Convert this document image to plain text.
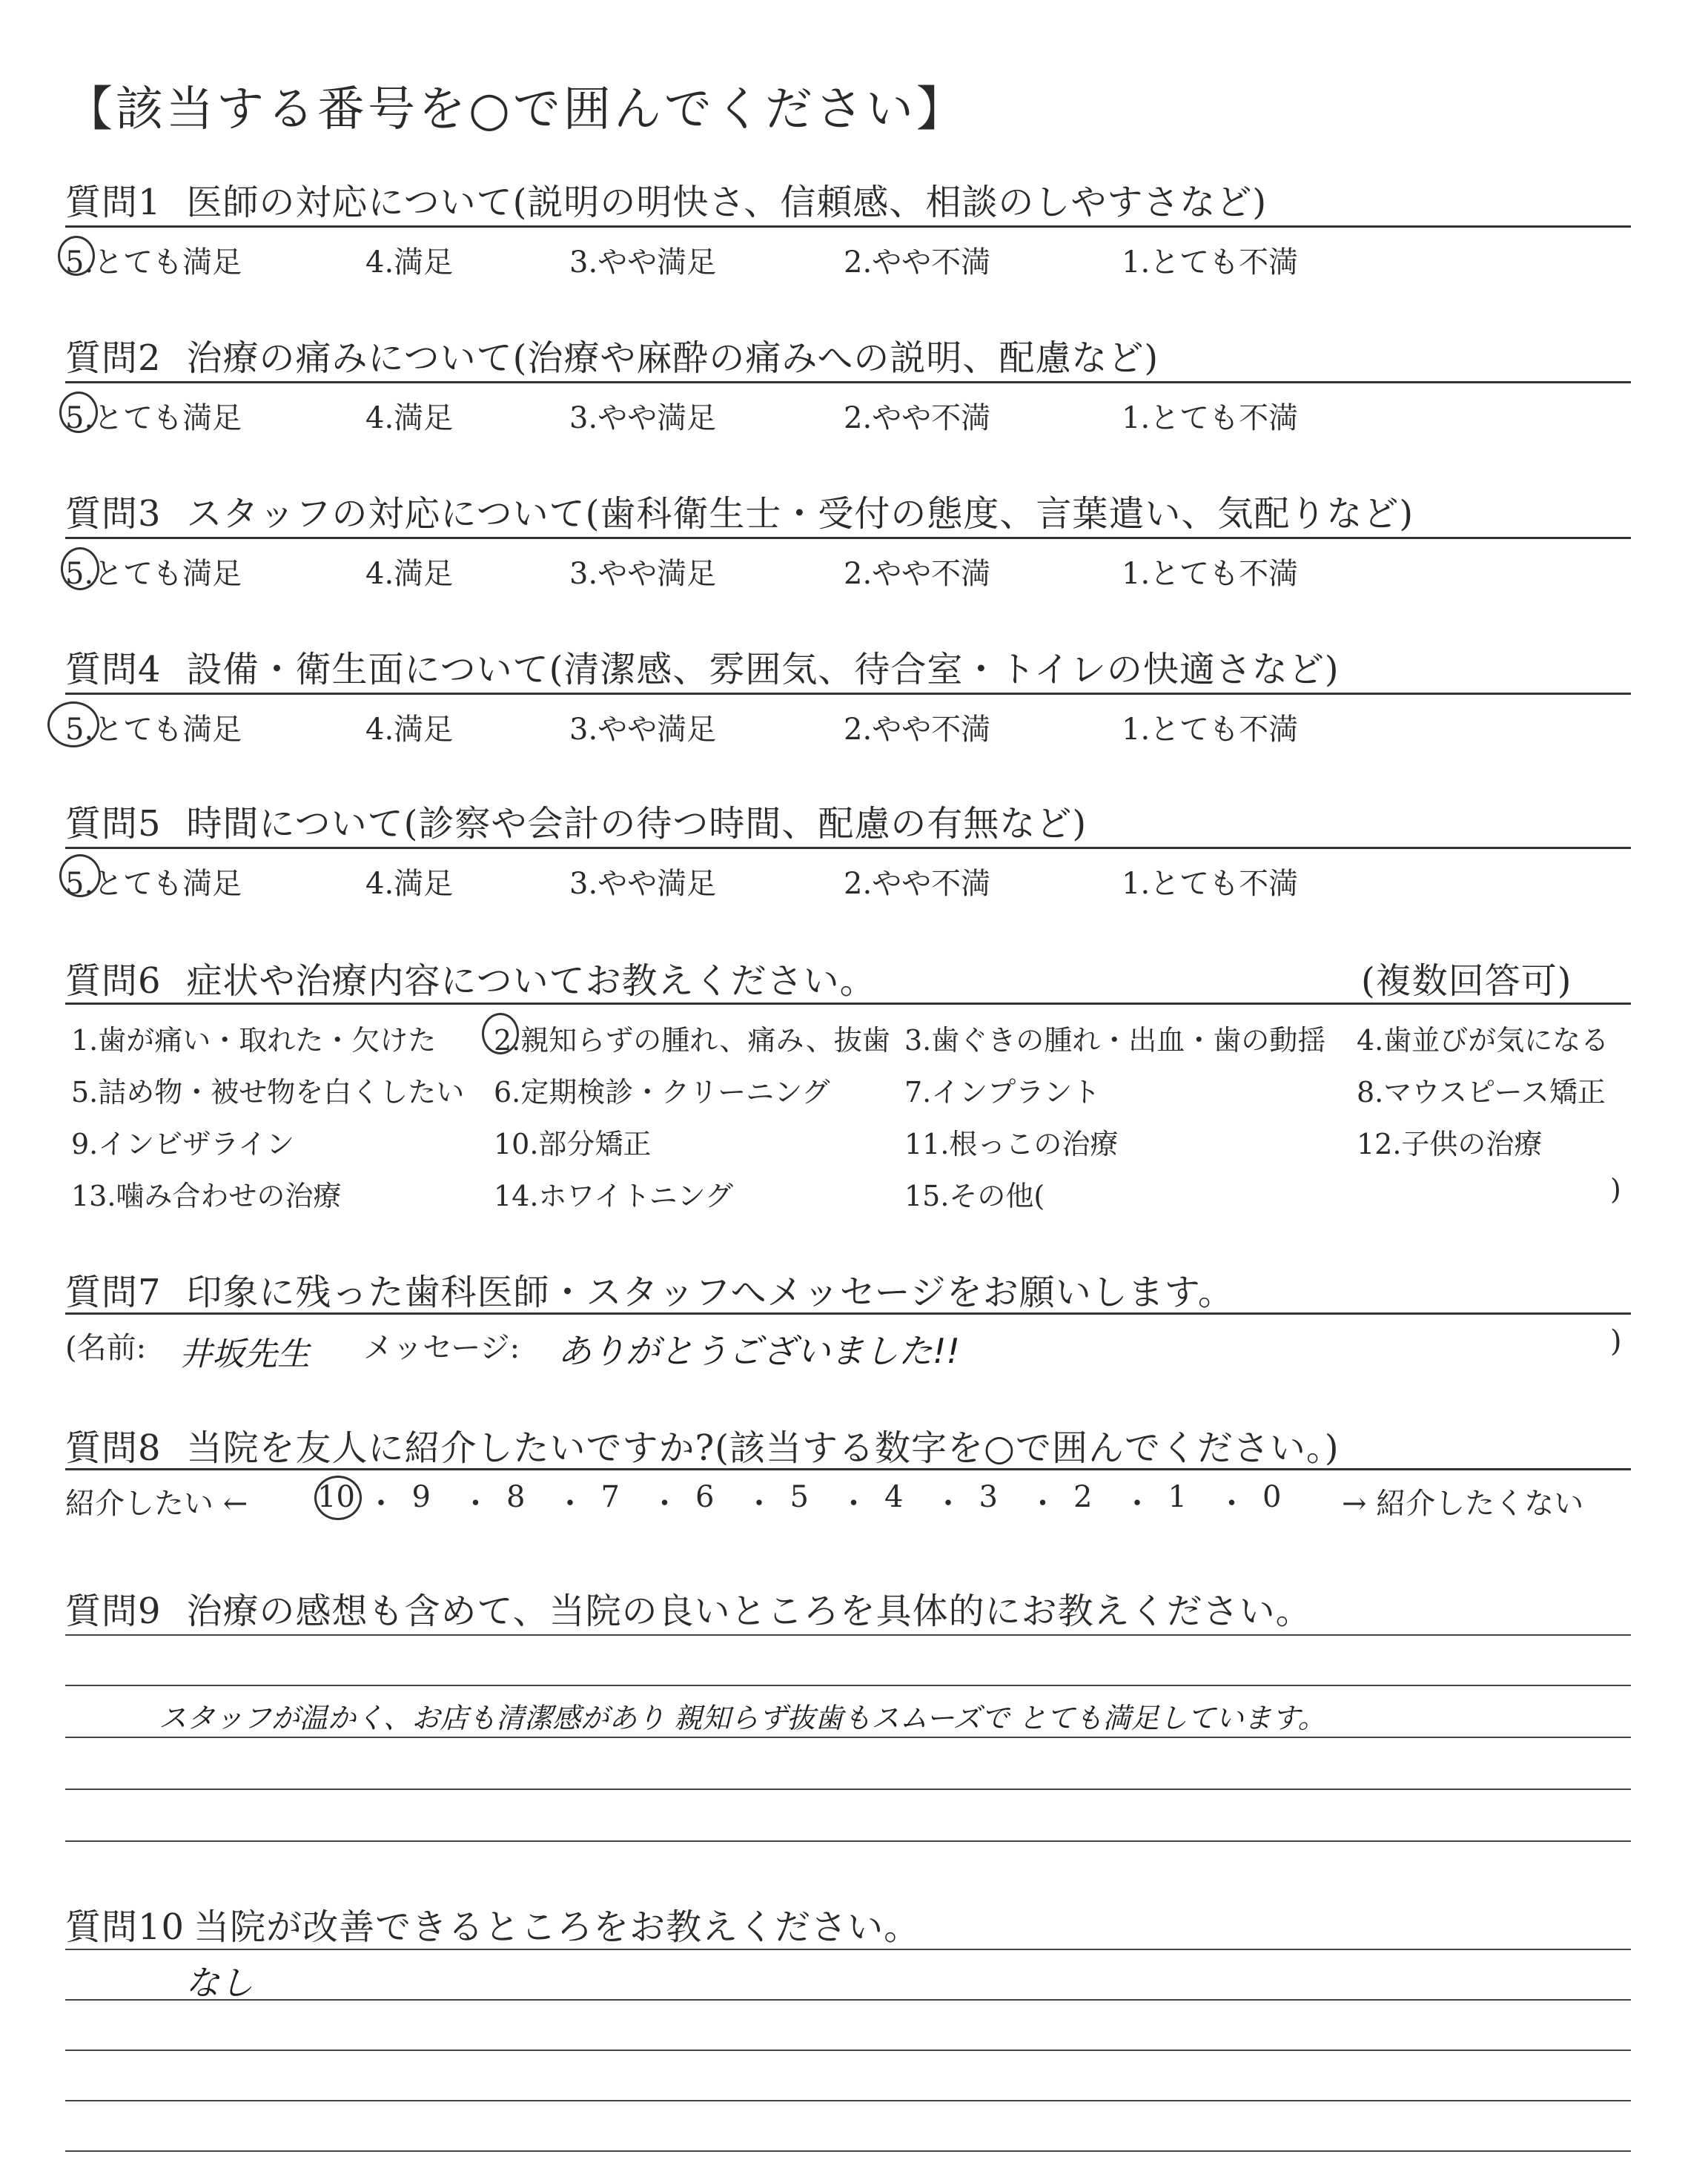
【該当する番号を○で囲んでください】
質問1 医師の対応について(説明の明快さ、信頼感、相談のしやすさなど)
5.とても満足	4.満足	3.やや満足	2.やや不満	1.とても不満
質問2 治療の痛みについて(治療や麻酔の痛みへの説明、配慮など)
5.とても満足	4.満足	3.やや満足	2.やや不満	1.とても不満
質問3 スタッフの対応について(歯科衛生士・受付の態度、言葉遣い、気配りなど)
5.とても満足	4.満足	3.やや満足	2.やや不満	1.とても不満
質問4 設備・衛生面について(清潔感、雰囲気、待合室・トイレの快適さなど)
5.とても満足	4.満足	3.やや満足	2.やや不満	1.とても不満
質問5 時間について(診察や会計の待つ時間、配慮の有無など)
5.とても満足	4.満足	3.やや満足	2.やや不満	1.とても不満
質問6 症状や治療内容についてお教えください。	(複数回答可)
1.歯が痛い・取れた・欠けた 2.親知らずの腫れ、痛み、抜歯 3.歯ぐきの腫れ・出血・歯の動揺 4.歯並びが気になる
5.詰め物・被せ物を白くしたい 6.定期検診・クリーニング	7.インプラント	8.マウスピース矯正
9.インビザライン	10.部分矯正	11.根っこの治療	12.子供の治療
13.噛み合わせの治療	14.ホワイトニング	15.その他(	)
質問7 印象に残った歯科医師・スタッフへメッセージをお願いします。
(名前: 井坂先生 メッセージ: ありがとうございました!!	)
質問8 当院を友人に紹介したいですか?(該当する数字を○で囲んでください。)
紹介したい ←	→ 紹介したくない
10 ・ 9 ・ 8 ・ 7 ・ 6 ・ 5 ・ 4 ・ 3 ・ 2 ・ 1 ・ 0
質問9 治療の感想も含めて、当院の良いところを具体的にお教えください。
スタッフが温かく、お店も清潔感があり 親知らず抜歯もスムーズで とても満足しています。
質問10 当院が改善できるところをお教えください。
なし
